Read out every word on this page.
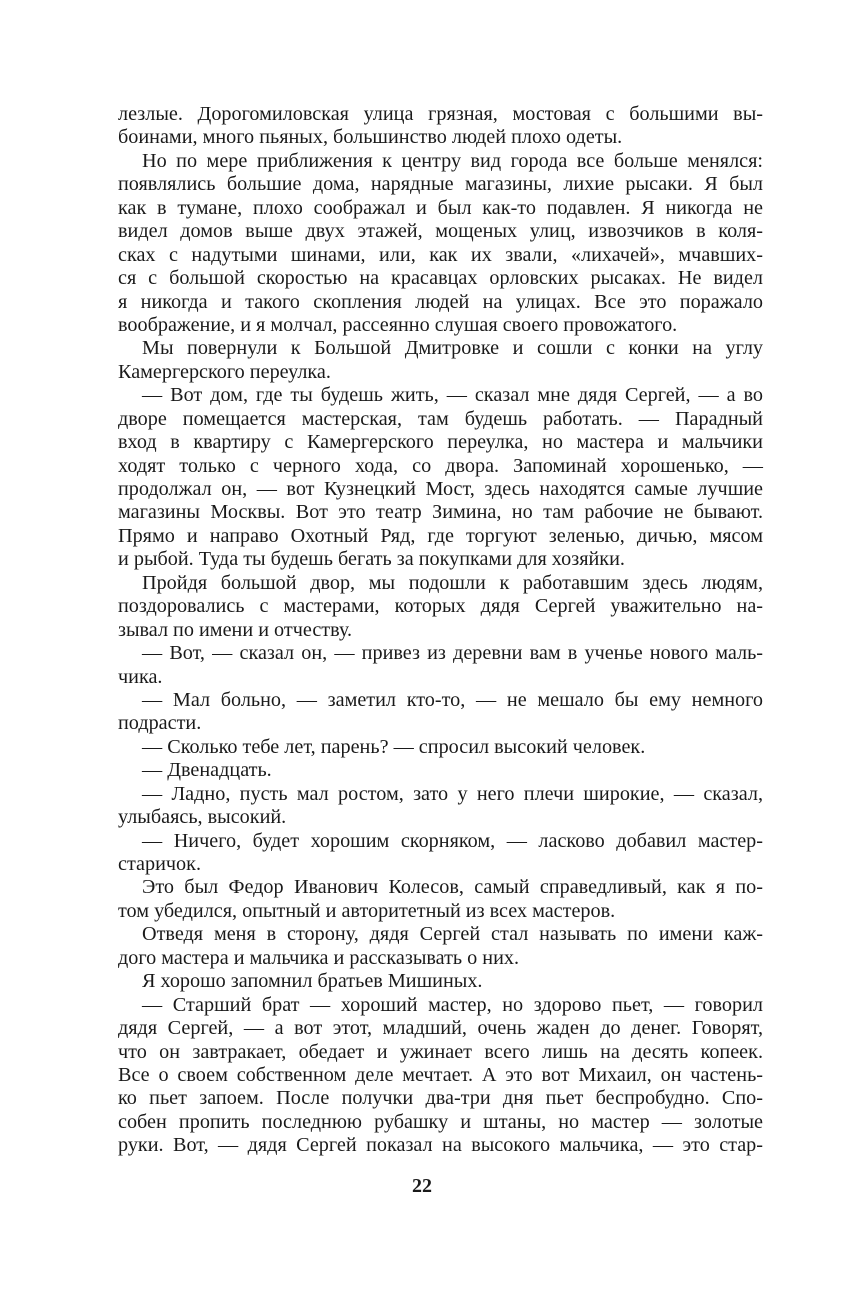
лезлые. Дорогомиловская улица грязная, мостовая с большими вы-
боинами, много пьяных, большинство людей плохо одеты.
Но по мере приближения к центру вид города все больше менялся:
появлялись большие дома, нарядные магазины, лихие рысаки. Я был
как в тумане, плохо соображал и был как-то подавлен. Я никогда не
видел домов выше двух этажей, мощеных улиц, извозчиков в коля-
сках с надутыми шинами, или, как их звали, «лихачей», мчавших-
ся с большой скоростью на красавцах орловских рысаках. Не видел
я никогда и такого скопления людей на улицах. Все это поражало
воображение, и я молчал, рассеянно слушая своего провожатого.
Мы повернули к Большой Дмитровке и сошли с конки на углу
Камергерского переулка.
— Вот дом, где ты будешь жить, — сказал мне дядя Сергей, — а во
дворе помещается мастерская, там будешь работать. — Парадный
вход в квартиру с Камергерского переулка, но мастера и мальчики
ходят только с черного хода, со двора. Запоминай хорошенько, —
продолжал он, — вот Кузнецкий Мост, здесь находятся самые лучшие
магазины Москвы. Вот это театр Зимина, но там рабочие не бывают.
Прямо и направо Охотный Ряд, где торгуют зеленью, дичью, мясом
и рыбой. Туда ты будешь бегать за покупками для хозяйки.
Пройдя большой двор, мы подошли к работавшим здесь людям,
поздоровались с мастерами, которых дядя Сергей уважительно на-
зывал по имени и отчеству.
— Вот, — сказал он, — привез из деревни вам в ученье нового маль-
чика.
— Мал больно, — заметил кто-то, — не мешало бы ему немного
подрасти.
— Сколько тебе лет, парень? — спросил высокий человек.
— Двенадцать.
— Ладно, пусть мал ростом, зато у него плечи широкие, — сказал,
улыбаясь, высокий.
— Ничего, будет хорошим скорняком, — ласково добавил мастер-
старичок.
Это был Федор Иванович Колесов, самый справедливый, как я по-
том убедился, опытный и авторитетный из всех мастеров.
Отведя меня в сторону, дядя Сергей стал называть по имени каж-
дого мастера и мальчика и рассказывать о них.
Я хорошо запомнил братьев Мишиных.
— Старший брат — хороший мастер, но здорово пьет, — говорил
дядя Сергей, — а вот этот, младший, очень жаден до денег. Говорят,
что он завтракает, обедает и ужинает всего лишь на десять копеек.
Все о своем собственном деле мечтает. А это вот Михаил, он частень-
ко пьет запоем. После получки два-три дня пьет беспробудно. Спо-
собен пропить последнюю рубашку и штаны, но мастер — золотые
руки. Вот, — дядя Сергей показал на высокого мальчика, — это стар-
22
